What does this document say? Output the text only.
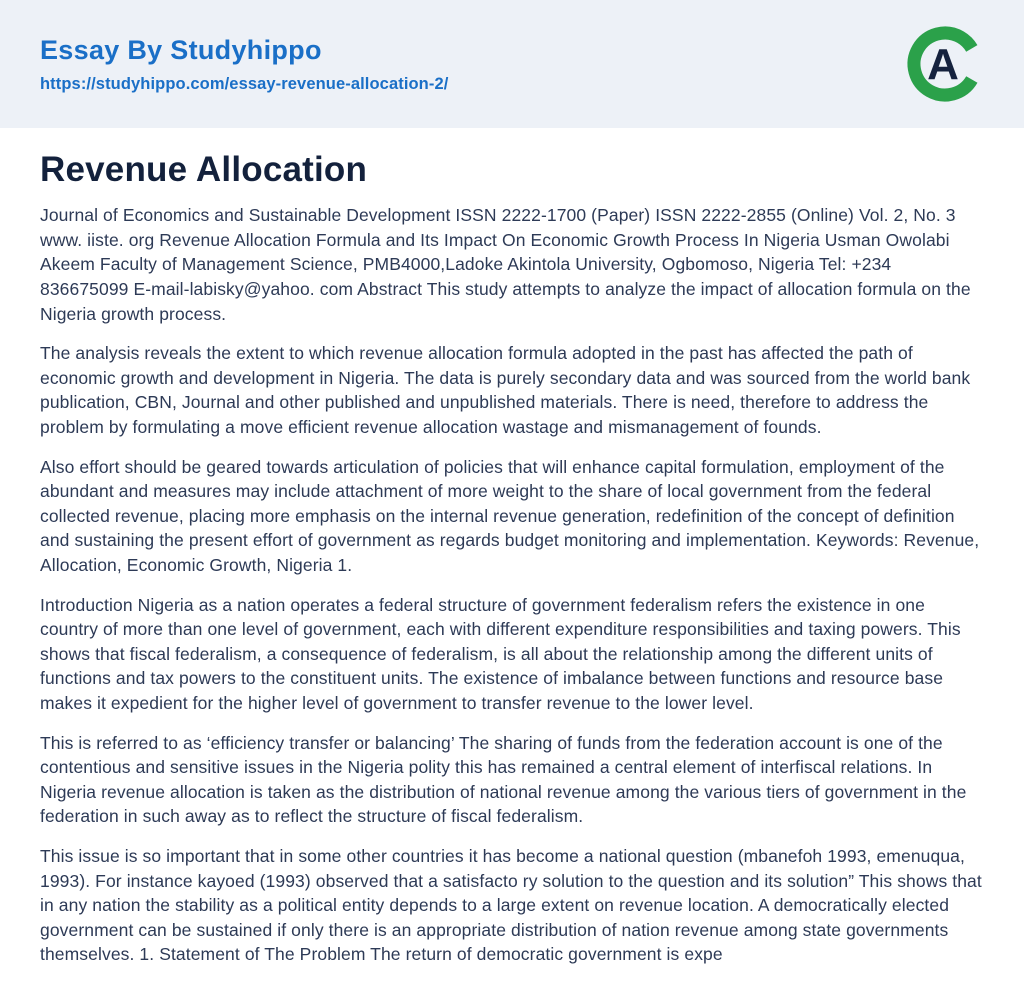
Essay By Studyhippo
https://studyhippo.com/essay-revenue-allocation-2/	A
Revenue Allocation

Journal of Economics and Sustainable Development ISSN 2222-1700 (Paper) ISSN 2222-2855 (Online) Vol. 2, No. 3 www. iiste. org Revenue Allocation Formula and Its Impact On Economic Growth Process In Nigeria Usman Owolabi Akeem Faculty of Management Science, PMB4000,Ladoke Akintola University, Ogbomoso, Nigeria Tel: +234 836675099 E-mail-labisky@yahoo. com Abstract This study attempts to analyze the impact of allocation formula on the Nigeria growth process.

The analysis reveals the extent to which revenue allocation formula adopted in the past has affected the path of economic growth and development in Nigeria. The data is purely secondary data and was sourced from the world bank publication, CBN, Journal and other published and unpublished materials. There is need, therefore to address the problem by formulating a move efficient revenue allocation wastage and mismanagement of founds.

Also effort should be geared towards articulation of policies that will enhance capital formulation, employment of the abundant and measures may include attachment of more weight to the share of local government from the federal collected revenue, placing more emphasis on the internal revenue generation, redefinition of the concept of definition and sustaining the present effort of government as regards budget monitoring and implementation. Keywords: Revenue, Allocation, Economic Growth, Nigeria 1.

Introduction Nigeria as a nation operates a federal structure of government federalism refers the existence in one country of more than one level of government, each with different expenditure responsibilities and taxing powers. This shows that fiscal federalism, a consequence of federalism, is all about the relationship among the different units of functions and tax powers to the constituent units. The existence of imbalance between functions and resource base makes it expedient for the higher level of government to transfer revenue to the lower level.

This is referred to as ‘efficiency transfer or balancing’ The sharing of funds from the federation account is one of the contentious and sensitive issues in the Nigeria polity this has remained a central element of interfiscal relations. In Nigeria revenue allocation is taken as the distribution of national revenue among the various tiers of government in the federation in such away as to reflect the structure of fiscal federalism.

This issue is so important that in some other countries it has become a national question (mbanefoh 1993, emenuqua, 1993). For instance kayoed (1993) observed that a satisfacto ry solution to the question and its solution” This shows that in any nation the stability as a political entity depends to a large extent on revenue location. A democratically elected government can be sustained if only there is an appropriate distribution of nation revenue among state governments themselves. 1. Statement of The Problem The return of democratic government is expe
